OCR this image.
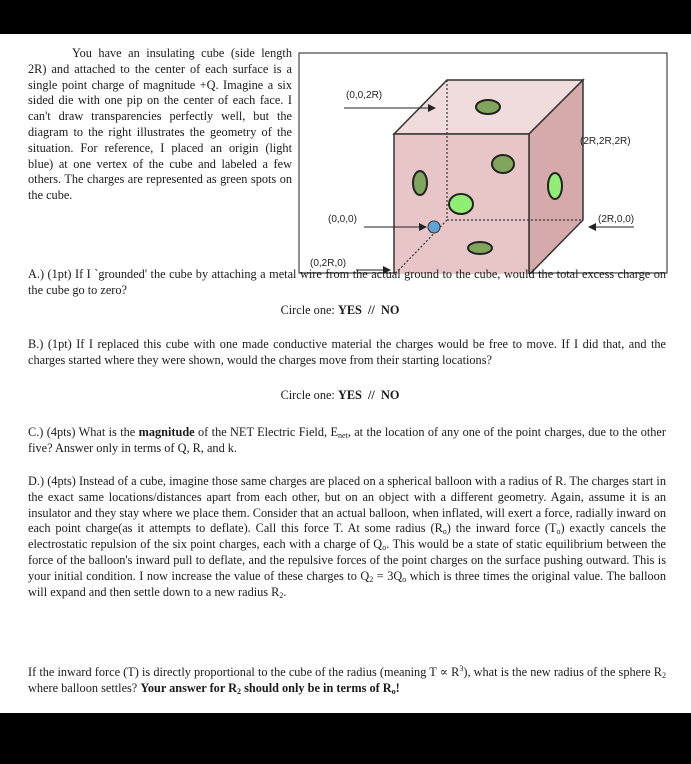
You have an insulating cube (side length 2R) and attached to the center of each surface is a single point charge of magnitude +Q. Imagine a six sided die with one pip on the center of each face. I can't draw transparencies perfectly well, but the diagram to the right illustrates the geometry of the situation. For reference, I placed an origin (light blue) at one vertex of the cube and labeled a few others. The charges are represented as green spots on the cube.

(0,0,2R)
(2R,2R,2R)
(0,0,0)	(2R,0,0)
(0,2R,0)

A.) (1pt) If I `grounded' the cube by attaching a metal wire from the actual ground to the cube, would the total excess charge on the cube go to zero?

Circle one: YES  //  NO

B.) (1pt) If I replaced this cube with one made conductive material the charges would be free to move. If I did that, and the charges started where they were shown, would the charges move from their starting locations?

Circle one: YES  //  NO

C.) (4pts) What is the magnitude of the NET Electric Field, $E_{net}$, at the location of any one of the point charges, due to the other five? Answer only in terms of Q, R, and k.

D.) (4pts) Instead of a cube, imagine those same charges are placed on a spherical balloon with a radius of R. The charges start in the exact same locations/distances apart from each other, but on an object with a different geometry. Again, assume it is an insulator and they stay where we place them. Consider that an actual balloon, when inflated, will exert a force, radially inward on each point charge(as it attempts to deflate). Call this force T. At some radius $(R_o)$ the inward force $(T_o)$ exactly cancels the electrostatic repulsion of the six point charges, each with a charge of $Q_o$. This would be a state of static equilibrium between the force of the balloon's inward pull to deflate, and the repulsive forces of the point charges on the surface pushing outward. This is your initial condition. I now increase the value of these charges to $Q_2 = 3Q_o$ which is three times the original value. The balloon will expand and then settle down to a new radius $R_2$.

If the inward force (T) is directly proportional to the cube of the radius (meaning $T \propto R^3$), what is the new radius of the sphere $R_2$ where balloon settles? Your answer for $R_2$ should only be in terms of $R_o$!
